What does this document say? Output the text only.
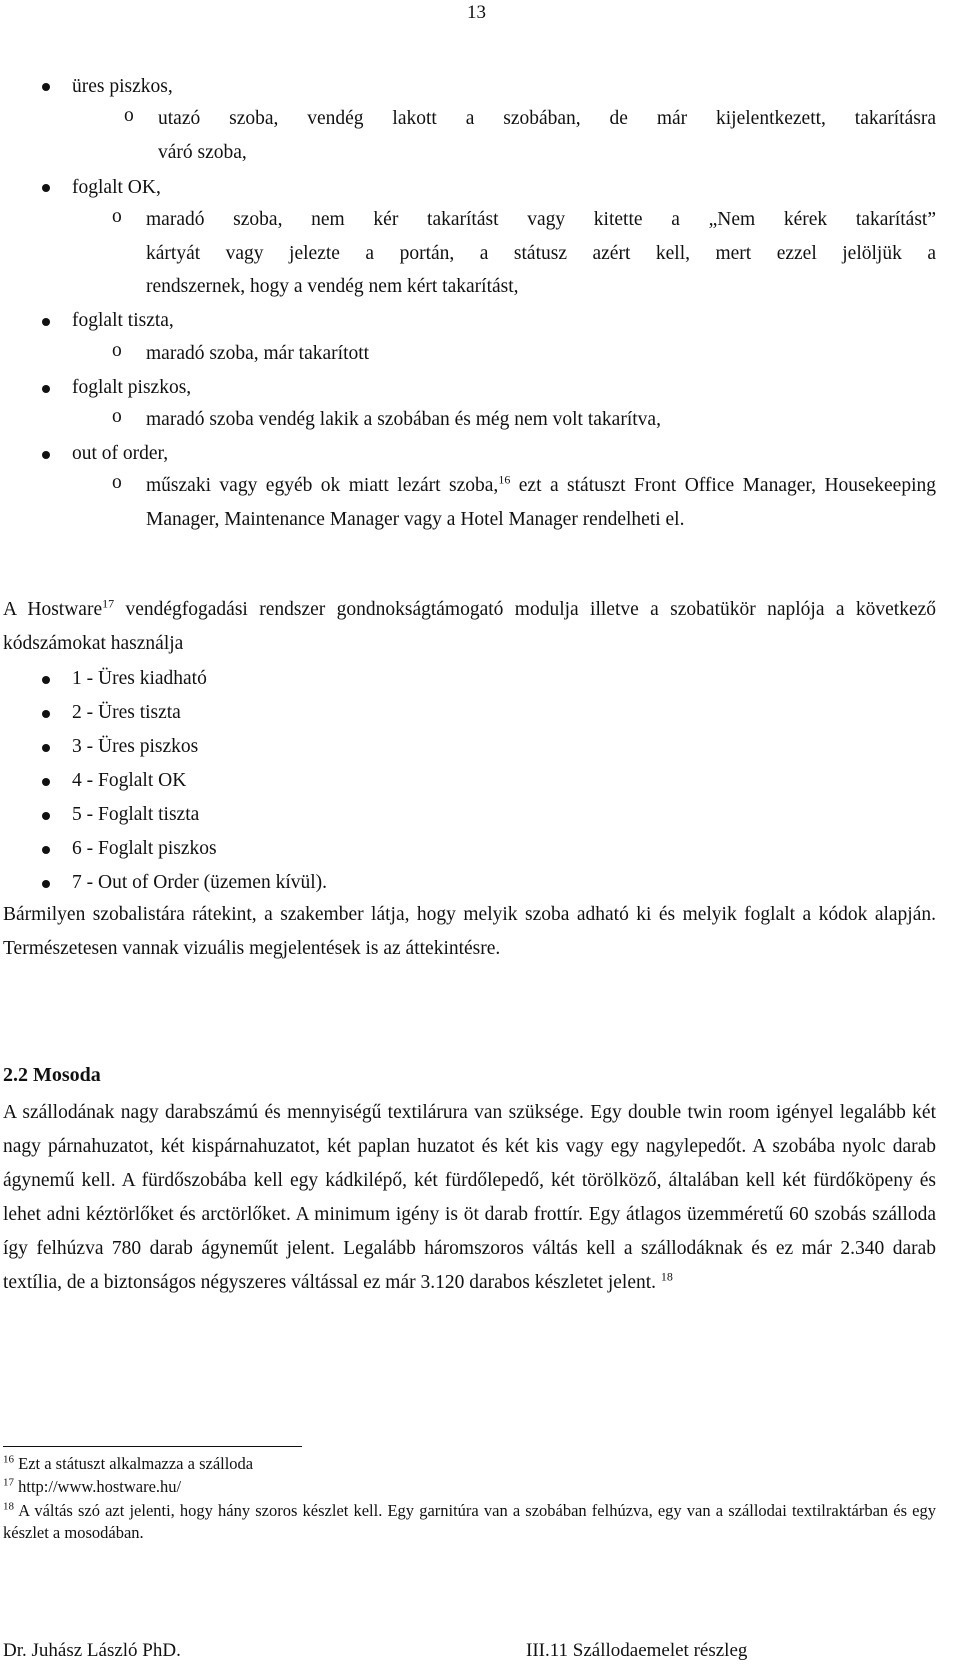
13
üres piszkos,
o utazó szoba, vendég lakott a szobában, de már kijelentkezett, takarításra
váró szoba,
foglalt OK,
o maradó szoba, nem kér takarítást vagy kitette a „Nem kérek takarítást”
kártyát vagy jelezte a portán, a státusz azért kell, mert ezzel jelöljük a
rendszernek, hogy a vendég nem kért takarítást,
foglalt tiszta,
o maradó szoba, már takarított
foglalt piszkos,
o maradó szoba vendég lakik a szobában és még nem volt takarítva,
out of order,
o műszaki vagy egyéb ok miatt lezárt szoba,$^{16}$ ezt a státuszt Front Office Manager, Housekeeping Manager, Maintenance Manager vagy a Hotel Manager rendelheti el.
A Hostware$^{17}$ vendégfogadási rendszer gondnokságtámogató modulja illetve a szobatükör naplója a következő kódszámokat használja
1 - Üres kiadható
2 - Üres tiszta
3 - Üres piszkos
4 - Foglalt OK
5 - Foglalt tiszta
6 - Foglalt piszkos
7 - Out of Order (üzemen kívül).
Bármilyen szobalistára rátekint, a szakember látja, hogy melyik szoba adható ki és melyik foglalt a kódok alapján. Természetesen vannak vizuális megjelentések is az áttekintésre.
2.2 Mosoda
A szállodának nagy darabszámú és mennyiségű textilárura van szüksége. Egy double twin room igényel legalább két nagy párnahuzatot, két kispárnahuzatot, két paplan huzatot és két kis vagy egy nagylepedőt. A szobába nyolc darab ágynemű kell. A fürdőszobába kell egy kádkilépő, két fürdőlepedő, két törölköző, általában kell két fürdőköpeny és lehet adni kéztörlőket és arctörlőket. A minimum igény is öt darab frottír. Egy átlagos üzemméretű 60 szobás szálloda így felhúzva 780 darab ágyneműt jelent. Legalább háromszoros váltás kell a szállodáknak és ez már 2.340 darab textília, de a biztonságos négyszeres váltással ez már 3.120 darabos készletet jelent. $^{18}$
$^{16}$ Ezt a státuszt alkalmazza a szálloda
$^{17}$ http://www.hostware.hu/
$^{18}$ A váltás szó azt jelenti, hogy hány szoros készlet kell. Egy garnitúra van a szobában felhúzva, egy van a szállodai textilraktárban és egy készlet a mosodában.
Dr. Juhász László PhD.	III.11 Szállodaemelet részleg
